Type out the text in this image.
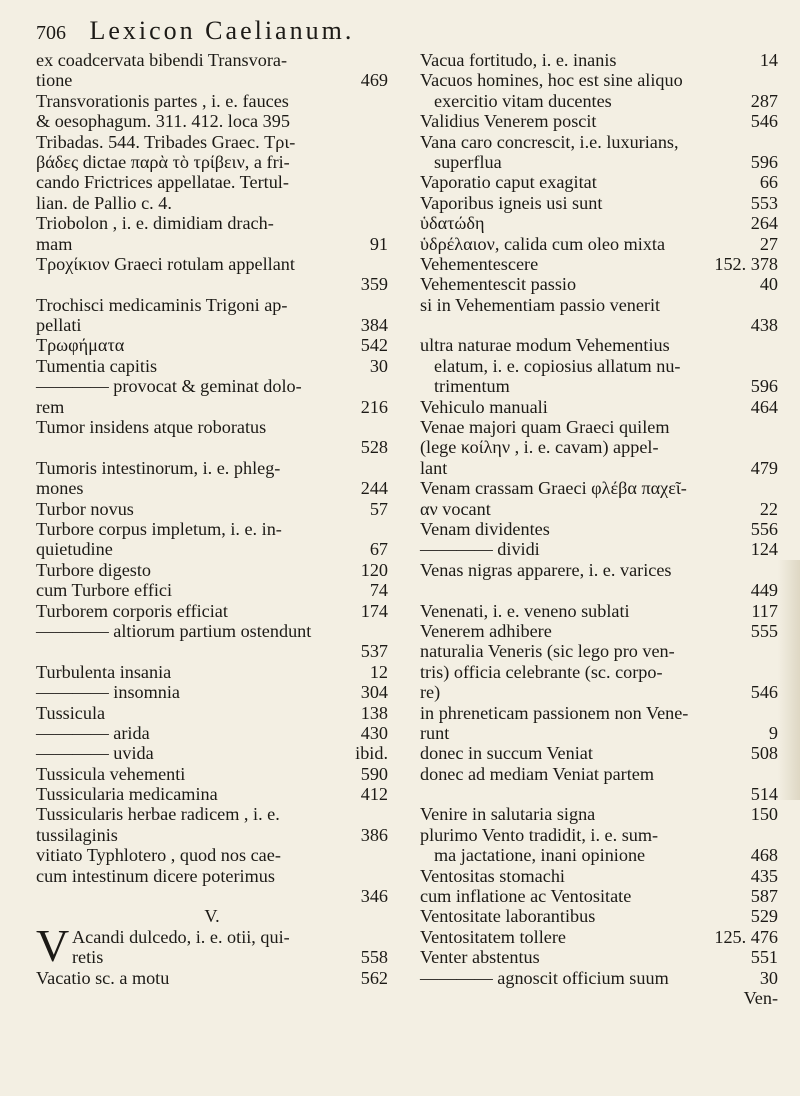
706 Lexicon Caelianum.
ex coadcervata bibendi Transvora-
tione	469
Transvorationis partes , i. e. fauces
& oesophagum. 311. 412. loca 395
Tribadas. 544. Tribades Graec. Τρι-
βάδες dictae παρὰ τὸ τρίβειν, a fri-
cando Frictrices appellatae. Tertul-
lian. de Pallio c. 4.
Triobolon , i. e. dimidiam drach-
mam	91
Τροχίκιον Graeci rotulam appellant
359
Trochisci medicaminis Trigoni ap-
pellati	384
Τρωφήματα	542
Tumentia capitis	30
———— provocat & geminat dolo-
rem	216
Tumor insidens atque roboratus
528
Tumoris intestinorum, i. e. phleg-
mones	244
Turbor novus	57
Turbore corpus impletum, i. e. in-
quietudine	67
Turbore digesto	120
cum Turbore effici	74
Turborem corporis efficiat	174
———— altiorum partium ostendunt
537
Turbulenta insania	12
———— insomnia	304
Tussicula	138
———— arida	430
———— uvida	ibid.
Tussicula vehementi	590
Tussicularia medicamina	412
Tussicularis herbae radicem , i. e.
tussilaginis	386
vitiato Typhlotero , quod nos cae-
cum intestinum dicere poterimus
346
V.
V Acandi dulcedo, i. e. otii, qui-
retis	558
Vacatio sc. a motu	562
Vacua fortitudo, i. e. inanis	14
Vacuos homines, hoc est sine aliquo
exercitio vitam ducentes	287
Validius Venerem poscit	546
Vana caro concrescit, i.e. luxurians,
superflua	596
Vaporatio caput exagitat	66
Vaporibus igneis usi sunt	553
ὑδατώδη	264
ὑδρέλαιον, calida cum oleo mixta	27
Vehementescere	152. 378
Vehementescit passio	40
si in Vehementiam passio venerit
438
ultra naturae modum Vehementius
elatum, i. e. copiosius allatum nu-
trimentum	596
Vehiculo manuali	464
Venae majori quam Graeci quilem
(lege κοίλην , i. e. cavam) appel-
lant	479
Venam crassam Graeci φλέβα παχεῖ-
αν vocant	22
Venam dividentes	556
———— dividi	124
Venas nigras apparere, i. e. varices
449
Venenati, i. e. veneno sublati	117
Venerem adhibere	555
naturalia Veneris (sic lego pro ven-
tris) officia celebrante (sc. corpo-
re)	546
in phreneticam passionem non Vene-
runt	9
donec in succum Veniat	508
donec ad mediam Veniat partem
514
Venire in salutaria signa	150
plurimo Vento tradidit, i. e. sum-
ma jactatione, inani opinione	468
Ventositas stomachi	435
cum inflatione ac Ventositate	587
Ventositate laborantibus	529
Ventositatem tollere	125. 476
Venter abstentus	551
———— agnoscit officium suum	30
Ven-
